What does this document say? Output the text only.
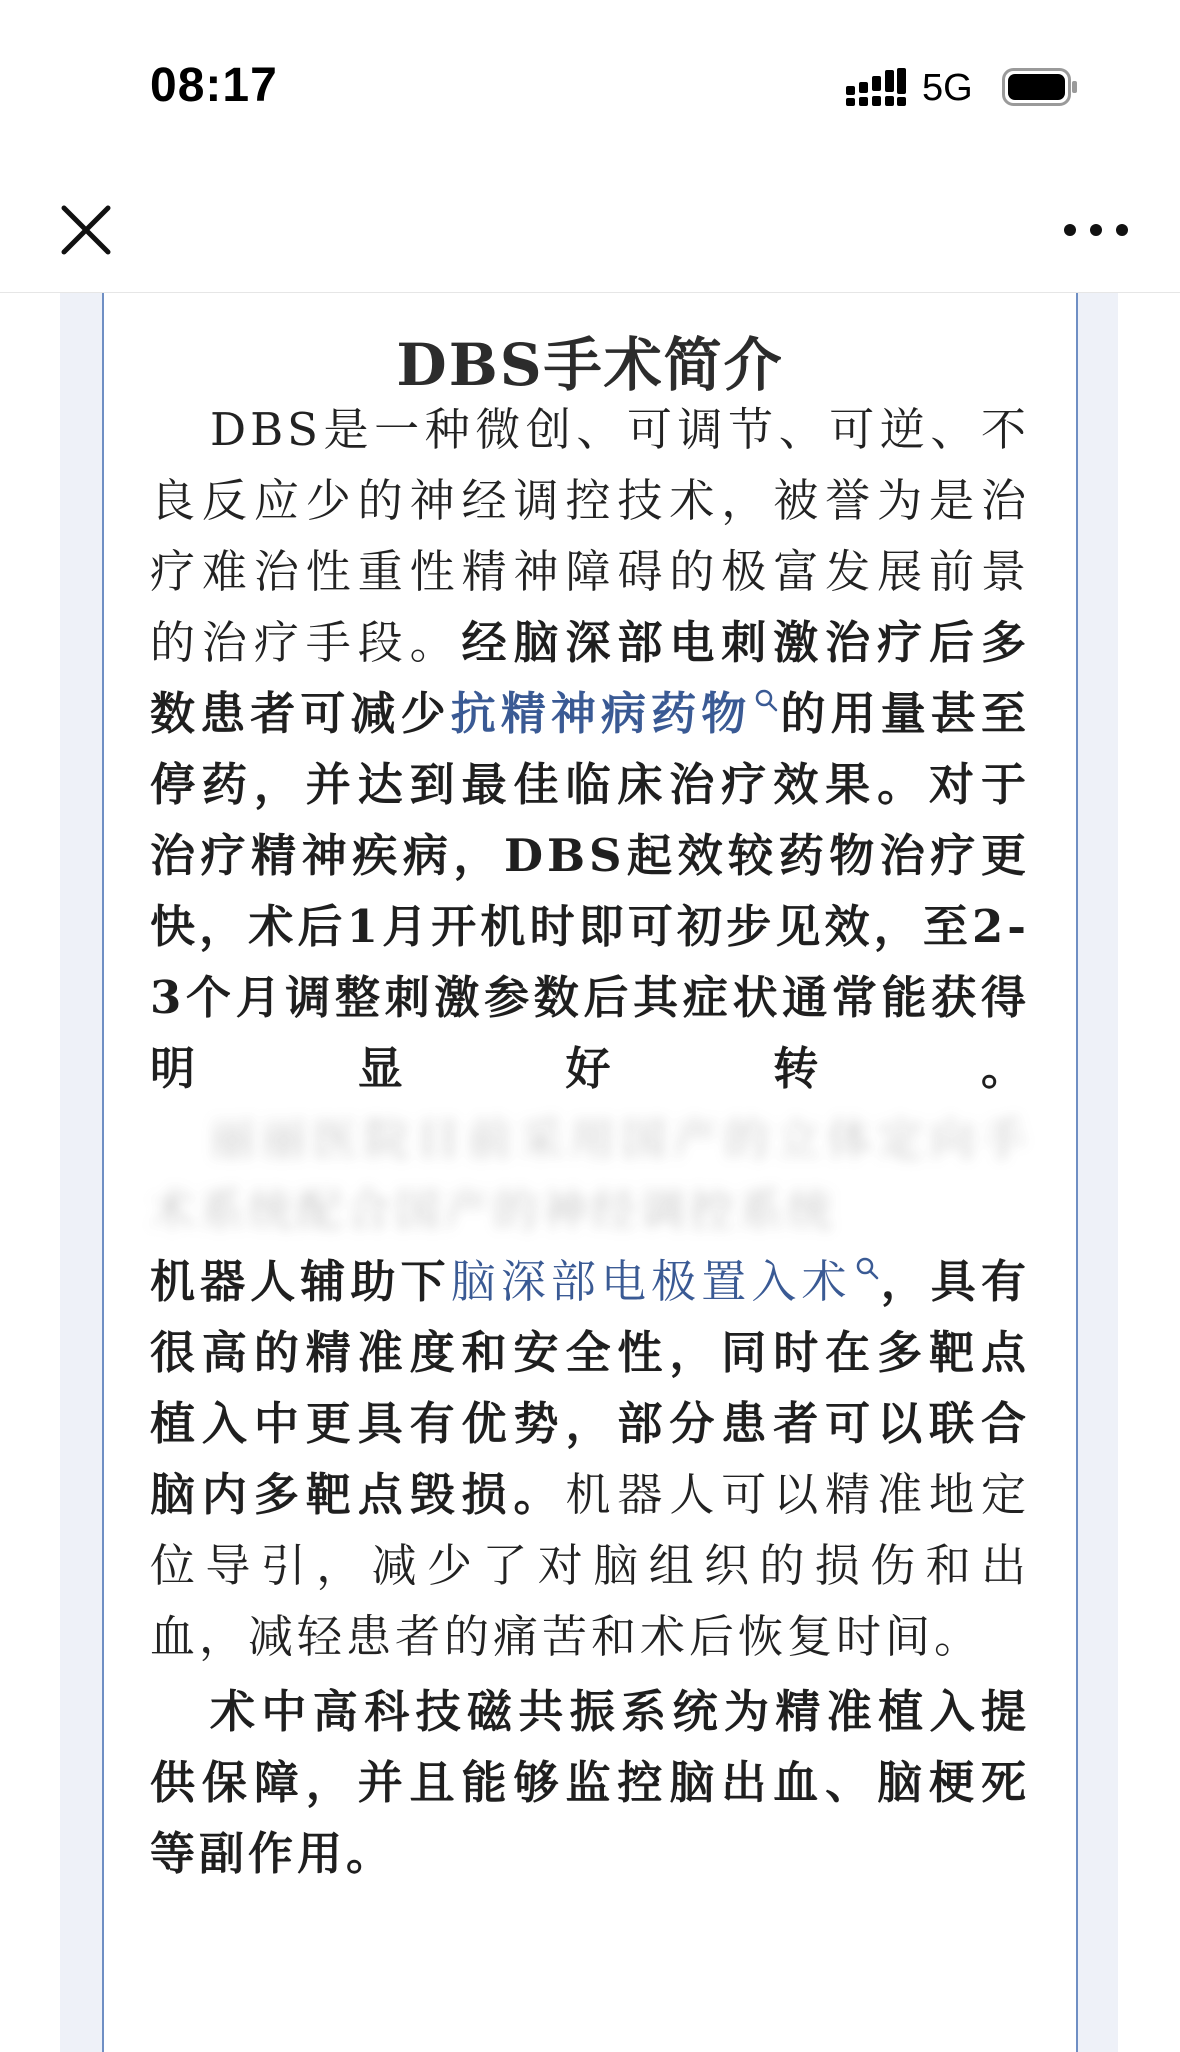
08:17	5G
DBS手术简介

DBS是一种微创、可调节、可逆、不良反应少的神经调控技术，被誉为是治疗难治性重性精神障碍的极富发展前景的治疗手段。经脑深部电刺激治疗后多数患者可减少抗精神病药物 的用量甚至停药，并达到最佳临床治疗效果。对于治疗精神疾病，DBS起效较药物治疗更快，术后1月开机时即可初步见效，至2-3个月调整刺激参数后其症状通常能获得明显好转。丽丽医院目前采用国产的立体定向手术系统配合国产的神经调控系统机器人辅助下脑深部电极置入术 ，具有很高的精准度和安全性，同时在多靶点植入中更具有优势，部分患者可以联合脑内多靶点毁损。机器人可以精准地定位导引，减少了对脑组织的损伤和出血，减轻患者的痛苦和术后恢复时间。

术中高科技磁共振系统为精准植入提供保障，并且能够监控脑出血、脑梗死等副作用。
